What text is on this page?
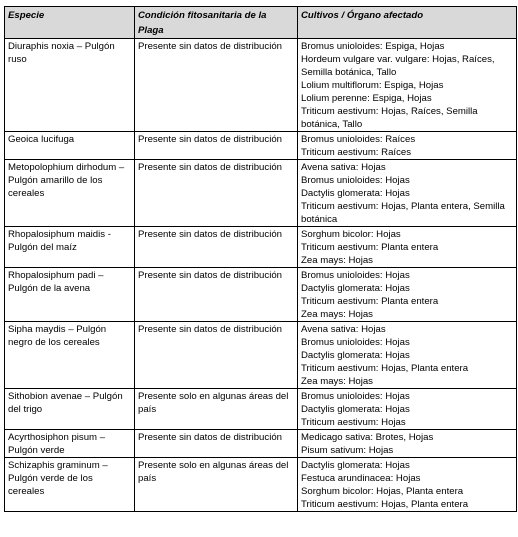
Especie	Condición fitosanitaria de la Plaga	Cultivos / Órgano afectado
Diuraphis noxia – Pulgón ruso	Presente sin datos de distribución	Bromus unioloides: Espiga, Hojas
Hordeum vulgare var. vulgare: Hojas, Raíces, Semilla botánica, Tallo
Lolium multiflorum: Espiga, Hojas
Lolium perenne: Espiga, Hojas
Triticum aestivum: Hojas, Raíces, Semilla botánica, Tallo

Geoica lucifuga	Presente sin datos de distribución	Bromus unioloides: Raíces
Triticum aestivum: Raíces

Metopolophium dirhodum – Pulgón amarillo de los cereales	Presente sin datos de distribución	Avena sativa: Hojas
Bromus unioloides: Hojas
Dactylis glomerata: Hojas
Triticum aestivum: Hojas, Planta entera, Semilla botánica

Rhopalosiphum maidis - Pulgón del maíz	Presente sin datos de distribución	Sorghum bicolor: Hojas
Triticum aestivum: Planta entera
Zea mays: Hojas

Rhopalosiphum padi – Pulgón de la avena	Presente sin datos de distribución	Bromus unioloides: Hojas
Dactylis glomerata: Hojas
Triticum aestivum: Planta entera
Zea mays: Hojas

Sipha maydis – Pulgón negro de los cereales	Presente sin datos de distribución	Avena sativa: Hojas
Bromus unioloides: Hojas
Dactylis glomerata: Hojas
Triticum aestivum: Hojas, Planta entera
Zea mays: Hojas

Sithobion avenae – Pulgón del trigo	Presente solo en algunas áreas del país	Bromus unioloides: Hojas
Dactylis glomerata: Hojas
Triticum aestivum: Hojas

Acyrthosiphon pisum – Pulgón verde	Presente sin datos de distribución	Medicago sativa: Brotes, Hojas
Pisum sativum: Hojas

Schizaphis graminum – Pulgón verde de los cereales	Presente solo en algunas áreas del país	Dactylis glomerata: Hojas
Festuca arundinacea: Hojas
Sorghum bicolor: Hojas, Planta entera
Triticum aestivum: Hojas, Planta entera
